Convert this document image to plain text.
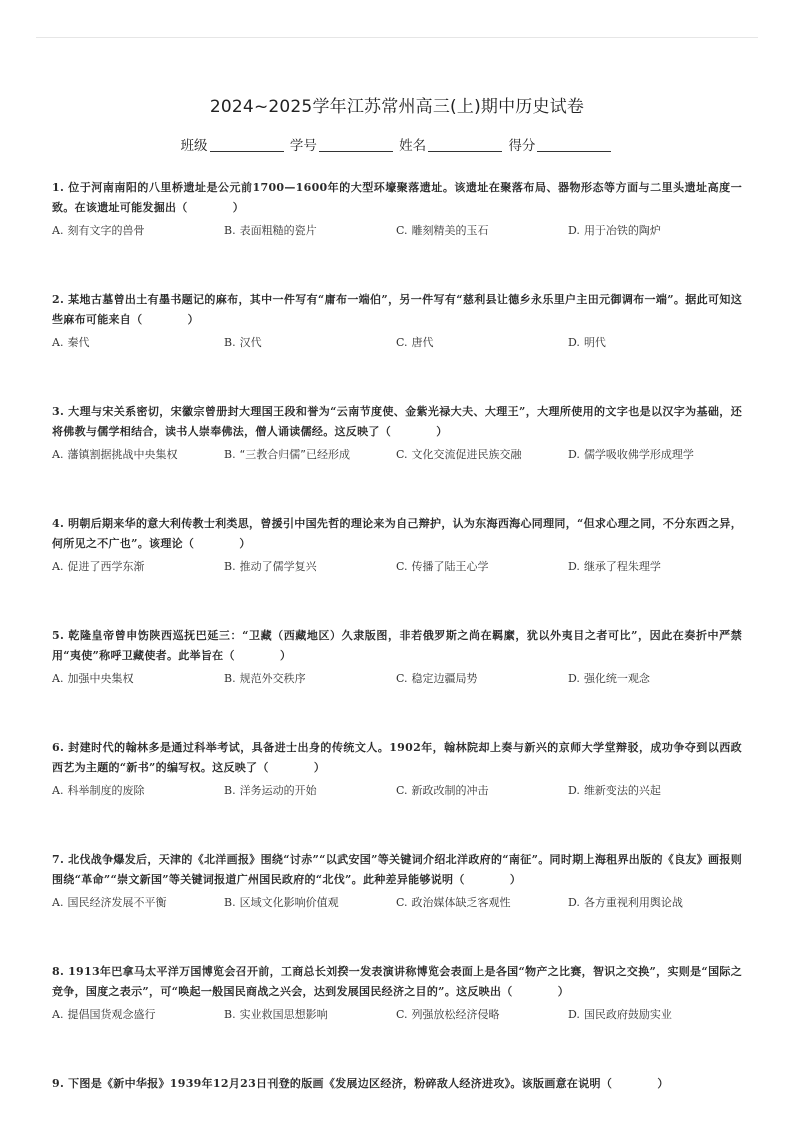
2024~2025学年江苏常州高三(上)期中历史试卷
班级	学号	姓名	得分
1. 位于河南南阳的八里桥遗址是公元前1700—1600年的大型环壕聚落遗址。该遗址在聚落布局、器物形态等方面与二里头遗址高度一致。在该遗址可能发掘出（　　　　）
A. 刻有文字的兽骨	B. 表面粗糙的瓷片	C. 雕刻精美的玉石	D. 用于冶铁的陶炉
2. 某地古墓曾出土有墨书题记的麻布，其中一件写有“庸布一端伯”，另一件写有“慈利县让德乡永乐里户主田元御调布一端”。据此可知这些麻布可能来自（　　　　）
A. 秦代	B. 汉代	C. 唐代	D. 明代
3. 大理与宋关系密切，宋徽宗曾册封大理国王段和誉为“云南节度使、金紫光禄大夫、大理王”，大理所使用的文字也是以汉字为基础，还将佛教与儒学相结合，读书人崇奉佛法，僧人诵读儒经。这反映了（　　　　）
A. 藩镇割据挑战中央集权	B. “三教合归儒”已经形成	C. 文化交流促进民族交融	D. 儒学吸收佛学形成理学
4. 明朝后期来华的意大利传教士利类思，曾援引中国先哲的理论来为自己辩护，认为东海西海心同理同，“但求心理之同，不分东西之异，何所见之不广也”。该理论（　　　　）
A. 促进了西学东渐	B. 推动了儒学复兴	C. 传播了陆王心学	D. 继承了程朱理学
5. 乾隆皇帝曾申饬陕西巡抚巴延三：“卫藏（西藏地区）久隶版图，非若俄罗斯之尚在羁縻，犹以外夷目之者可比”，因此在奏折中严禁用“夷使”称呼卫藏使者。此举旨在（　　　　）
A. 加强中央集权	B. 规范外交秩序	C. 稳定边疆局势	D. 强化统一观念
6. 封建时代的翰林多是通过科举考试，具备进士出身的传统文人。1902年，翰林院却上奏与新兴的京师大学堂辩驳，成功争夺到以西政西艺为主题的“新书”的编写权。这反映了（　　　　）
A. 科举制度的废除	B. 洋务运动的开始	C. 新政改制的冲击	D. 维新变法的兴起
7. 北伐战争爆发后，天津的《北洋画报》围绕“讨赤”“以武安国”等关键词介绍北洋政府的“南征”。同时期上海租界出版的《良友》画报则围绕“革命”“崇文新国”等关键词报道广州国民政府的“北伐”。此种差异能够说明（　　　　）
A. 国民经济发展不平衡	B. 区域文化影响价值观	C. 政治媒体缺乏客观性	D. 各方重视利用舆论战
8. 1913年巴拿马太平洋万国博览会召开前，工商总长刘揆一发表演讲称博览会表面上是各国“物产之比赛，智识之交换”，实则是“国际之竞争，国度之表示”，可“唤起一般国民商战之兴会，达到发展国民经济之目的”。这反映出（　　　　）
A. 提倡国货观念盛行	B. 实业救国思想影响	C. 列强放松经济侵略	D. 国民政府鼓励实业
9. 下图是《新中华报》1939年12月23日刊登的版画《发展边区经济，粉碎敌人经济进攻》。该版画意在说明（　　　　）
